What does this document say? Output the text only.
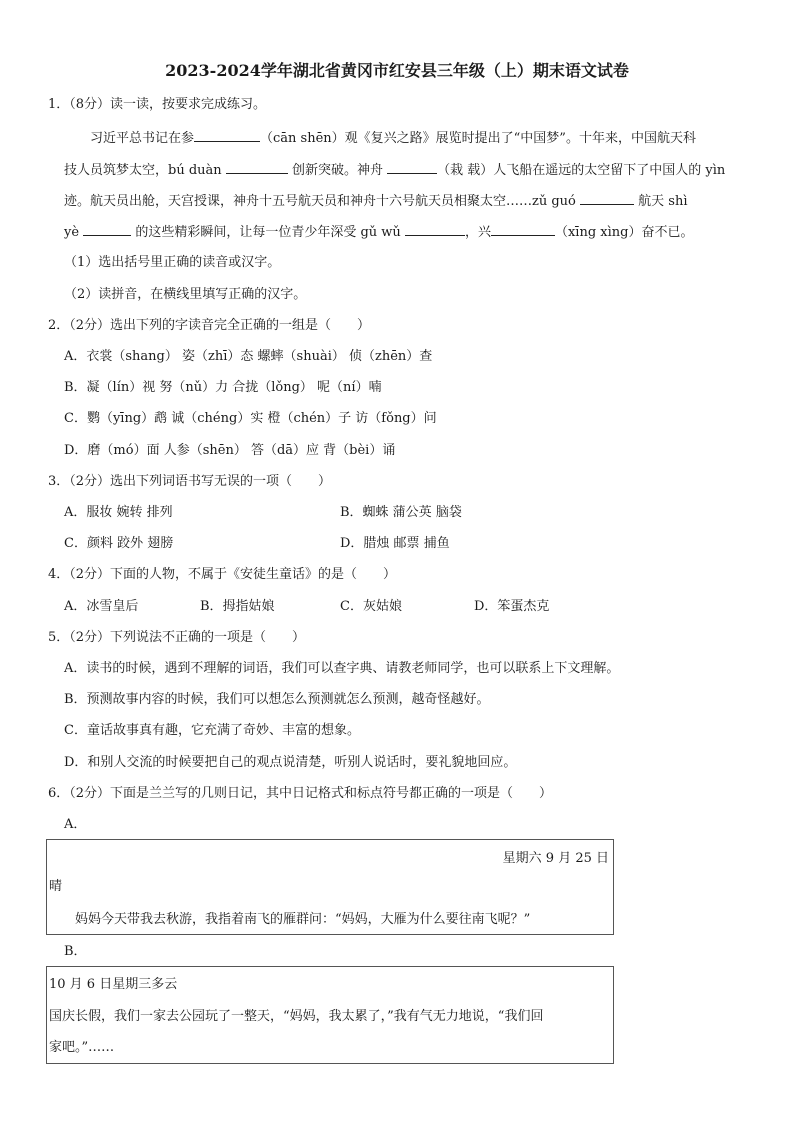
2023-2024学年湖北省黄冈市红安县三年级（上）期末语文试卷
1．（8分）读一读，按要求完成练习。
习近平总书记在参	（cān shēn）观《复兴之路》展览时提出了“中国梦”。十年来，中国航天科
技人员筑梦太空，bú duàn	创新突破。神舟	（栽 载）人飞船在遥远的太空留下了中国人的 yìn
迹。航天员出舱，天宫授课，神舟十五号航天员和神舟十六号航天员相聚太空……zǔ guó	航天 shì
yè	的这些精彩瞬间，让每一位青少年深受 gǔ wǔ	，兴	（xīng xìng）奋不已。
（1）选出括号里正确的读音或汉字。
（2）读拼音，在横线里填写正确的汉字。
2．（2分）选出下列的字读音完全正确的一组是（　　）
A．衣裳（shang） 姿（zhī）态 螺蟀（shuài） 侦（zhēn）查
B．凝（lín）视 努（nǔ）力 合拢（lǒng） 呢（ní）喃
C．鹦（yīng）鹉 诚（chéng）实 橙（chén）子 访（fǒng）问
D．磨（mó）面 人参（shēn） 答（dā）应 背（bèi）诵
3．（2分）选出下列词语书写无误的一项（　　）
A．服妆 婉转 排列	B．蜘蛛 蒲公英 脑袋
C．颜料 跤外 翅膀	D．腊烛 邮票 捕鱼
4．（2分）下面的人物，不属于《安徒生童话》的是（　　）
A．冰雪皇后	B．拇指姑娘	C．灰姑娘	D．笨蛋杰克
5．（2分）下列说法不正确的一项是（　　）
A．读书的时候，遇到不理解的词语，我们可以查字典、请教老师同学，也可以联系上下文理解。
B．预测故事内容的时候，我们可以想怎么预测就怎么预测，越奇怪越好。
C．童话故事真有趣，它充满了奇妙、丰富的想象。
D．和别人交流的时候要把自己的观点说清楚，听别人说话时，要礼貌地回应。
6．（2分）下面是兰兰写的几则日记，其中日记格式和标点符号都正确的一项是（　　）
A．
星期六 9 月 25 日
晴
妈妈今天带我去秋游，我指着南飞的雁群问：“妈妈，大雁为什么要往南飞呢？”
B．
10 月 6 日星期三多云
国庆长假，我们一家去公园玩了一整天，“妈妈，我太累了，”我有气无力地说，“我们回
家吧。”……
